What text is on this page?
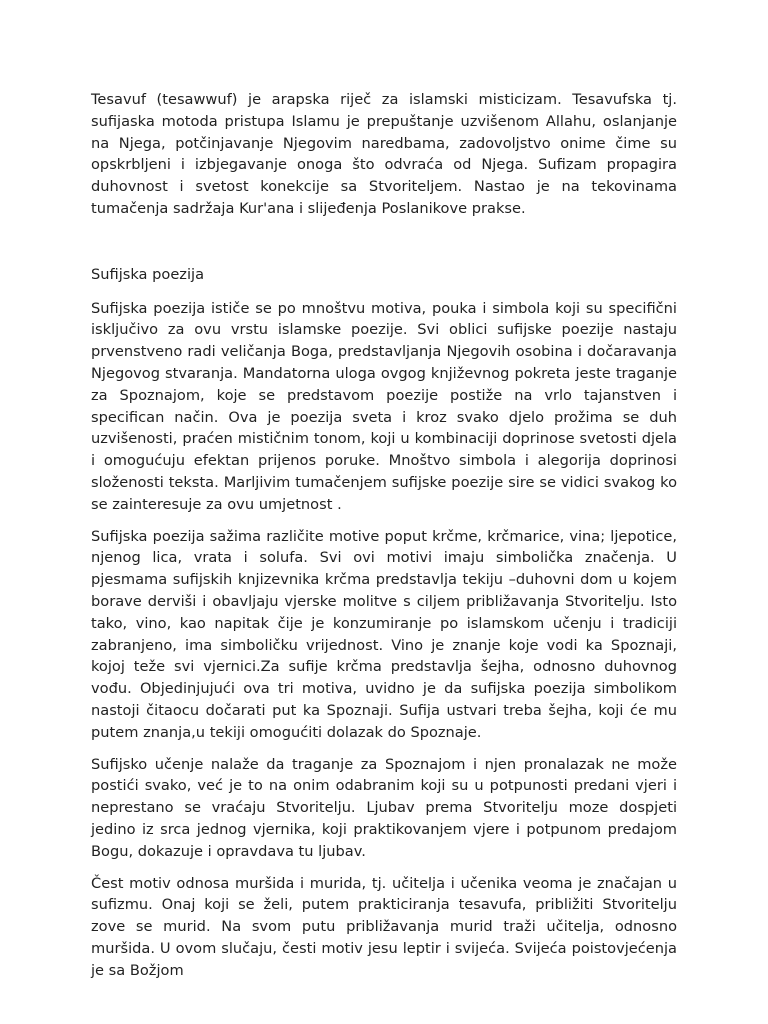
Tesavuf (tesawwuf) je arapska riječ za islamski misticizam. Tesavufska tj. sufijaska motoda pristupa Islamu je prepuštanje uzvišenom Allahu, oslanjanje na Njega, potčinjavanje Njegovim naredbama, zadovoljstvo onime čime su opskrbljeni i izbjegavanje onoga što odvraća od Njega. Sufizam propagira duhovnost i svetost konekcije sa Stvoriteljem. Nastao je na tekovinama tumačenja sadržaja Kur'ana i slijeđenja Poslanikove prakse.

Sufijska poezija

Sufijska poezija ističe se po mnoštvu motiva, pouka i simbola koji su specifični isključivo za ovu vrstu islamske poezije. Svi oblici sufijske poezije nastaju prvenstveno radi veličanja Boga, predstavljanja Njegovih osobina i dočaravanja Njegovog stvaranja. Mandatorna uloga ovgog književnog pokreta jeste traganje za Spoznajom, koje se predstavom poezije postiže na vrlo tajanstven i specifican način. Ova je poezija sveta i kroz svako djelo prožima se duh uzvišenosti, praćen mističnim tonom, koji u kombinaciji doprinose svetosti djela i omogućuju efektan prijenos poruke. Mnoštvo simbola i alegorija doprinosi složenosti teksta. Marljivim tumačenjem sufijske poezije sire se vidici svakog ko se zainteresuje za ovu umjetnost .

Sufijska poezija sažima različite motive poput krčme, krčmarice, vina; ljepotice, njenog lica, vrata i solufa. Svi ovi motivi imaju simbolička značenja. U pjesmama sufijskih knjizevnika krčma predstavlja tekiju –duhovni dom u kojem borave derviši i obavljaju vjerske molitve s ciljem približavanja Stvoritelju. Isto tako, vino, kao napitak čije je konzumiranje po islamskom učenju i tradiciji zabranjeno, ima simboličku vrijednost. Vino je znanje koje vodi ka Spoznaji, kojoj teže svi vjernici.Za sufije krčma predstavlja šejha, odnosno duhovnog vođu. Objedinjujući ova tri motiva, uvidno je da sufijska poezija simbolikom nastoji čitaocu dočarati put ka Spoznaji. Sufija ustvari treba šejha, koji će mu putem znanja,u tekiji omogućiti dolazak do Spoznaje.

Sufijsko učenje nalaže da traganje za Spoznajom i njen pronalazak ne može postići svako, već je to na onim odabranim koji su u potpunosti predani vjeri i neprestano se vraćaju Stvoritelju. Ljubav prema Stvoritelju moze dospjeti jedino iz srca jednog vjernika, koji praktikovanjem vjere i potpunom predajom Bogu, dokazuje i opravdava tu ljubav.

Čest motiv odnosa muršida i murida, tj. učitelja i učenika veoma je značajan u sufizmu. Onaj koji se želi, putem prakticiranja tesavufa, približiti Stvoritelju zove se murid. Na svom putu približavanja murid traži učitelja, odnosno muršida. U ovom slučaju, česti motiv jesu leptir i svijeća. Svijeća poistovjećenja je sa Božjom
